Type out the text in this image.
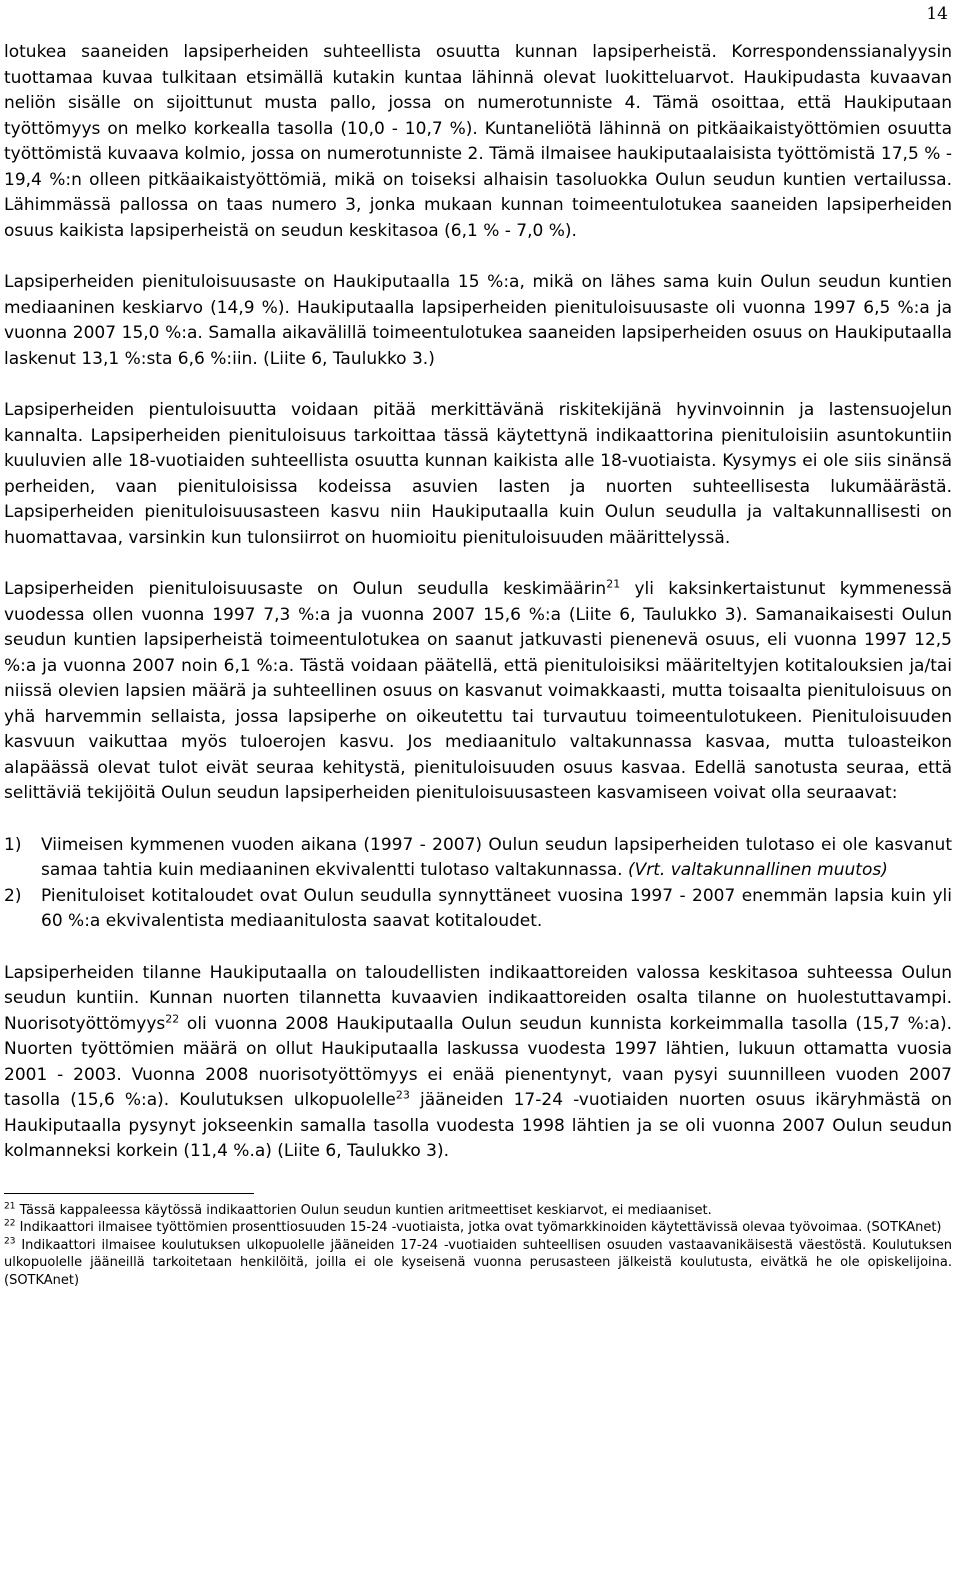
14

lotukea saaneiden lapsiperheiden suhteellista osuutta kunnan lapsiperheistä. Korrespondenssianalyysin tuottamaa kuvaa tulkitaan etsimällä kutakin kuntaa lähinnä olevat luokitteluarvot. Haukipudasta kuvaavan neliön sisälle on sijoittunut musta pallo, jossa on numerotunniste 4. Tämä osoittaa, että Haukiputaan työttömyys on melko korkealla tasolla (10,0 - 10,7 %). Kuntaneliötä lähinnä on pitkäaikaistyöttömien osuutta työttömistä kuvaava kolmio, jossa on numerotunniste 2. Tämä ilmaisee haukiputaalaisista työttömistä 17,5 % - 19,4 %:n olleen pitkäaikaistyöttömiä, mikä on toiseksi alhaisin tasoluokka Oulun seudun kuntien vertailussa. Lähimmässä pallossa on taas numero 3, jonka mukaan kunnan toimeentulotukea saaneiden lapsiperheiden osuus kaikista lapsiperheistä on seudun keskitasoa (6,1 % - 7,0 %).

Lapsiperheiden pienituloisuusaste on Haukiputaalla 15 %:a, mikä on lähes sama kuin Oulun seudun kuntien mediaaninen keskiarvo (14,9 %). Haukiputaalla lapsiperheiden pienituloisuusaste oli vuonna 1997 6,5 %:a ja vuonna 2007 15,0 %:a. Samalla aikavälillä toimeentulotukea saaneiden lapsiperheiden osuus on Haukiputaalla laskenut 13,1 %:sta 6,6 %:iin. (Liite 6, Taulukko 3.)

Lapsiperheiden pientuloisuutta voidaan pitää merkittävänä riskitekijänä hyvinvoinnin ja lastensuojelun kannalta. Lapsiperheiden pienituloisuus tarkoittaa tässä käytettynä indikaattorina pienituloisiin asuntokuntiin kuuluvien alle 18-vuotiaiden suhteellista osuutta kunnan kaikista alle 18-vuotiaista. Kysymys ei ole siis sinänsä perheiden, vaan pienituloisissa kodeissa asuvien lasten ja nuorten suhteellisesta lukumäärästä. Lapsiperheiden pienituloisuusasteen kasvu niin Haukiputaalla kuin Oulun seudulla ja valtakunnallisesti on huomattavaa, varsinkin kun tulonsiirrot on huomioitu pienituloisuuden määrittelyssä.

Lapsiperheiden pienituloisuusaste on Oulun seudulla keskimäärin$^{21}$ yli kaksinkertaistunut kymmenessä vuodessa ollen vuonna 1997 7,3 %:a ja vuonna 2007 15,6 %:a (Liite 6, Taulukko 3). Samanaikaisesti Oulun seudun kuntien lapsiperheistä toimeentulotukea on saanut jatkuvasti pienenevä osuus, eli vuonna 1997 12,5 %:a ja vuonna 2007 noin 6,1 %:a. Tästä voidaan päätellä, että pienituloisiksi määriteltyjen kotitalouksien ja/tai niissä olevien lapsien määrä ja suhteellinen osuus on kasvanut voimakkaasti, mutta toisaalta pienituloisuus on yhä harvemmin sellaista, jossa lapsiperhe on oikeutettu tai turvautuu toimeentulotukeen. Pienituloisuuden kasvuun vaikuttaa myös tuloerojen kasvu. Jos mediaanitulo valtakunnassa kasvaa, mutta tuloasteikon alapäässä olevat tulot eivät seuraa kehitystä, pienituloisuuden osuus kasvaa. Edellä sanotusta seuraa, että selittäviä tekijöitä Oulun seudun lapsiperheiden pienituloisuusasteen kasvamiseen voivat olla seuraavat:

1) Viimeisen kymmenen vuoden aikana (1997 - 2007) Oulun seudun lapsiperheiden tulotaso ei ole kasvanut samaa tahtia kuin mediaaninen ekvivalentti tulotaso valtakunnassa. (Vrt. valtakunnallinen muutos)
2) Pienituloiset kotitaloudet ovat Oulun seudulla synnyttäneet vuosina 1997 - 2007 enemmän lapsia kuin yli 60 %:a ekvivalentista mediaanitulosta saavat kotitaloudet.

Lapsiperheiden tilanne Haukiputaalla on taloudellisten indikaattoreiden valossa keskitasoa suhteessa Oulun seudun kuntiin. Kunnan nuorten tilannetta kuvaavien indikaattoreiden osalta tilanne on huolestuttavampi. Nuorisotyöttömyys$^{22}$ oli vuonna 2008 Haukiputaalla Oulun seudun kunnista korkeimmalla tasolla (15,7 %:a). Nuorten työttömien määrä on ollut Haukiputaalla laskussa vuodesta 1997 lähtien, lukuun ottamatta vuosia 2001 - 2003. Vuonna 2008 nuorisotyöttömyys ei enää pienentynyt, vaan pysyi suunnilleen vuoden 2007 tasolla (15,6 %:a). Koulutuksen ulkopuolelle$^{23}$ jääneiden 17-24 -vuotiaiden nuorten osuus ikäryhmästä on Haukiputaalla pysynyt jokseenkin samalla tasolla vuodesta 1998 lähtien ja se oli vuonna 2007 Oulun seudun kolmanneksi korkein (11,4 %.a) (Liite 6, Taulukko 3).

$^{21}$ Tässä kappaleessa käytössä indikaattorien Oulun seudun kuntien aritmeettiset keskiarvot, ei mediaaniset.

$^{22}$ Indikaattori ilmaisee työttömien prosenttiosuuden 15-24 -vuotiaista, jotka ovat työmarkkinoiden käytettävissä olevaa työvoimaa. (SOTKAnet)

$^{23}$ Indikaattori ilmaisee koulutuksen ulkopuolelle jääneiden 17-24 -vuotiaiden suhteellisen osuuden vastaavanikäisestä väestöstä. Koulutuksen ulkopuolelle jääneillä tarkoitetaan henkilöitä, joilla ei ole kyseisenä vuonna perusasteen jälkeistä koulutusta, eivätkä he ole opiskelijoina. (SOTKAnet)
